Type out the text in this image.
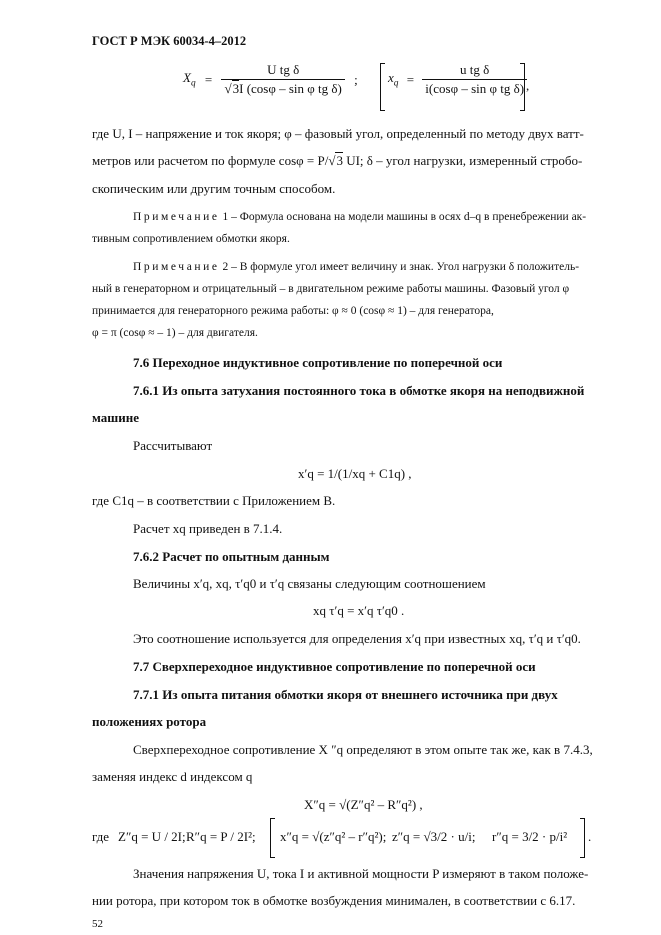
ГОСТ Р МЭК 60034-4–2012
$X_q = \frac{\text{U tg δ}}{\text{√3I (cosφ – sin φ tg δ)}}$ ; $x_q = \frac{\text{u tg δ}}{\text{i(cosφ – sin φ tg δ)}}$
,
где U, I – напряжение и ток якоря; φ – фазовый угол, определенный по методу двух ватт-
метров или расчетом по формуле cosφ = P/√3 UI; δ – угол нагрузки, измеренный стробо-
скопическим или другим точным способом.
Примечание 1 – Формула основана на модели машины в осях d–q в пренебрежении ак-
тивным сопротивлением обмотки якоря.
Примечание 2 – В формуле угол имеет величину и знак. Угол нагрузки δ положитель-
ный в генераторном и отрицательный – в двигательном режиме работы машины. Фазовый угол φ
принимается для генераторного режима работы: φ ≈ 0 (cosφ ≈ 1) – для генератора,
φ = π (cosφ ≈ – 1) – для двигателя.
7.6 Переходное индуктивное сопротивление по поперечной оси
7.6.1 Из опыта затухания постоянного тока в обмотке якоря на неподвижной
машине
Рассчитывают
x′q = 1/(1/xq + C1q) ,
где C1q – в соответствии с Приложением В.
Расчет xq приведен в 7.1.4.
7.6.2 Расчет по опытным данным
Величины x′q, xq, τ′q0 и τ′q связаны следующим соотношением
xq τ′q = x′q τ′q0 .
Это соотношение используется для определения x′q при известных xq, τ′q и τ′q0.
7.7 Сверхпереходное индуктивное сопротивление по поперечной оси
7.7.1 Из опыта питания обмотки якоря от внешнего источника при двух
положениях ротора
Сверхпереходное сопротивление X ″q определяют в этом опыте так же, как в 7.4.3,
заменяя индекс d индексом q
X″q = √(Z″q² – R″q²) ,
где Z″q = U / 2I; R″q = P / 2I²; x″q = √(z″q² – r″q²); z″q = √3/2 · u/i; r″q = 3/2 · p/i² .
Значения напряжения U, тока I и активной мощности P измеряют в таком положе-
нии ротора, при котором ток в обмотке возбуждения минимален, в соответствии с 6.17.
52
